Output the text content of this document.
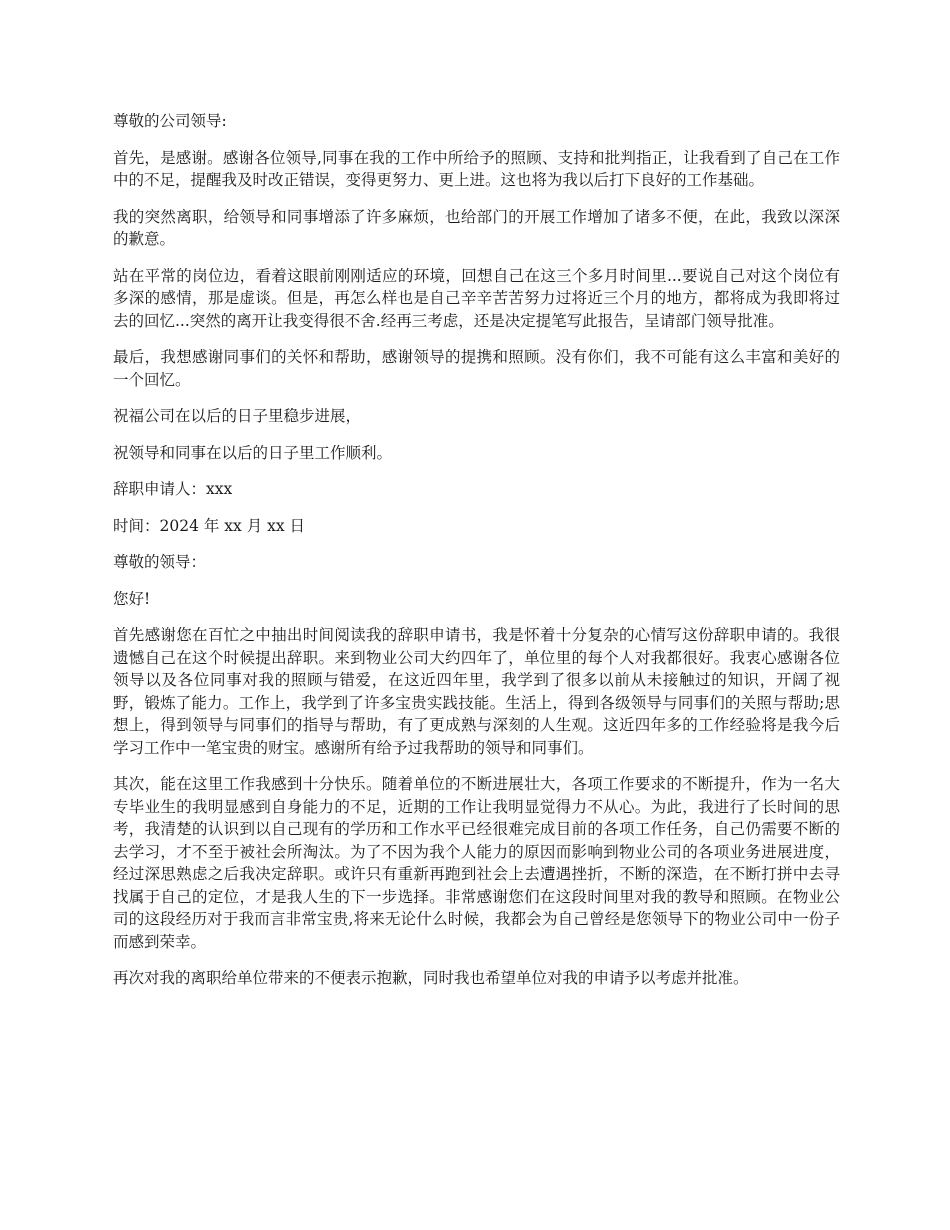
尊敬的公司领导:

首先，是感谢。感谢各位领导,同事在我的工作中所给予的照顾、支持和批判指正，让我看到了自己在工作中的不足，提醒我及时改正错误，变得更努力、更上进。这也将为我以后打下良好的工作基础。

我的突然离职，给领导和同事增添了许多麻烦，也给部门的开展工作增加了诸多不便，在此，我致以深深的歉意。

站在平常的岗位边，看着这眼前刚刚适应的环境，回想自己在这三个多月时间里...要说自己对这个岗位有多深的感情，那是虚谈。但是，再怎么样也是自己辛辛苦苦努力过将近三个月的地方，都将成为我即将过去的回忆...突然的离开让我变得很不舍.经再三考虑，还是决定提笔写此报告，呈请部门领导批准。

最后，我想感谢同事们的关怀和帮助，感谢领导的提携和照顾。没有你们，我不可能有这么丰富和美好的一个回忆。

祝福公司在以后的日子里稳步进展，

祝领导和同事在以后的日子里工作顺利。

辞职申请人：xxx

时间：2024 年 xx 月 xx 日

尊敬的领导：

您好!

首先感谢您在百忙之中抽出时间阅读我的辞职申请书，我是怀着十分复杂的心情写这份辞职申请的。我很遗憾自己在这个时候提出辞职。来到物业公司大约四年了，单位里的每个人对我都很好。我衷心感谢各位领导以及各位同事对我的照顾与错爱，在这近四年里，我学到了很多以前从未接触过的知识，开阔了视野，锻炼了能力。工作上，我学到了许多宝贵实践技能。生活上，得到各级领导与同事们的关照与帮助;思想上，得到领导与同事们的指导与帮助，有了更成熟与深刻的人生观。这近四年多的工作经验将是我今后学习工作中一笔宝贵的财宝。感谢所有给予过我帮助的领导和同事们。

其次，能在这里工作我感到十分快乐。随着单位的不断进展壮大，各项工作要求的不断提升，作为一名大专毕业生的我明显感到自身能力的不足，近期的工作让我明显觉得力不从心。为此，我进行了长时间的思考，我清楚的认识到以自己现有的学历和工作水平已经很难完成目前的各项工作任务，自己仍需要不断的去学习，才不至于被社会所淘汰。为了不因为我个人能力的原因而影响到物业公司的各项业务进展进度，经过深思熟虑之后我决定辞职。或许只有重新再跑到社会上去遭遇挫折，不断的深造，在不断打拼中去寻找属于自己的定位，才是我人生的下一步选择。非常感谢您们在这段时间里对我的教导和照顾。在物业公司的这段经历对于我而言非常宝贵,将来无论什么时候，我都会为自己曾经是您领导下的物业公司中一份子而感到荣幸。

再次对我的离职给单位带来的不便表示抱歉，同时我也希望单位对我的申请予以考虑并批准。
